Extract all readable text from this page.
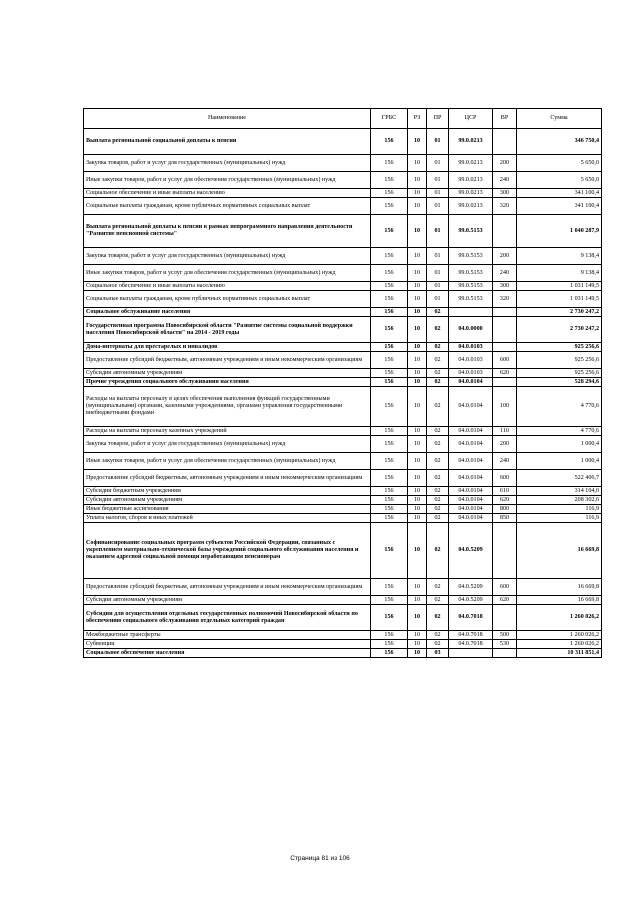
Наименование	ГРБС	РЗ	ПР	ЦСР	ВР	Сумма
Выплата региональной социальной доплаты к пенсии	156	10	01	99.0.0213		346 750,4
Закупка товаров, работ и услуг для государственных (муниципальных) нужд	156	10	01	99.0.0213	200	5 650,0
Иные закупки товаров, работ и услуг для обеспечения государственных (муниципальных) нужд	156	10	01	99.0.0213	240	5 650,0
Социальное обеспечение и иные выплаты населению	156	10	01	99.0.0213	300	341 100,4
Социальные выплаты гражданам, кроме публичных нормативных социальных выплат	156	10	01	99.0.0213	320	341 100,4
Выплата региональной доплаты к пенсии в рамках непрограммного направления деятельности "Развитие пенсионной системы"	156	10	01	99.0.5153		1 040 287,9
Закупка товаров, работ и услуг для государственных (муниципальных) нужд	156	10	01	99.0.5153	200	9 138,4
Иные закупки товаров, работ и услуг для обеспечения государственных (муниципальных) нужд	156	10	01	99.0.5153	240	9 138,4
Социальное обеспечение и иные выплаты населению	156	10	01	99.0.5153	300	1 031 149,5
Социальные выплаты гражданам, кроме публичных нормативных социальных выплат	156	10	01	99.0.5153	320	1 031 149,5
Социальное обслуживание населения	156	10	02			2 730 247,2
Государственная программа Новосибирской области "Развитие системы социальной поддержки населения Новосибирской области" на 2014 - 2019 годы	156	10	02	04.0.0000		2 730 247,2
Дома-интернаты для престарелых и инвалидов	156	10	02	04.0.0103		925 256,6
Предоставление субсидий бюджетным, автономным учреждениям и иным некоммерческим организациям	156	10	02	04.0.0103	600	925 256,6
Субсидии автономным учреждениям	156	10	02	04.0.0103	620	925 256,6
Прочие учреждения социального обслуживания населения	156	10	02	04.0.0104		528 294,6
Расходы на выплаты персоналу в целях обеспечения выполнения функций государственными (муниципальными) органами, казенными учреждениями, органами управления государственными внебюджетными фондами	156	10	02	04.0.0104	100	4 770,6
Расходы на выплаты персоналу казенных учреждений	156	10	02	04.0.0104	110	4 770,6
Закупка товаров, работ и услуг для государственных (муниципальных) нужд	156	10	02	04.0.0104	200	1 000,4
Иные закупки товаров, работ и услуг для обеспечения государственных (муниципальных) нужд	156	10	02	04.0.0104	240	1 000,4
Предоставление субсидий бюджетным, автономным учреждениям и иным некоммерческим организациям	156	10	02	04.0.0104	600	522 406,7
Субсидии бюджетным учреждениям	156	10	02	04.0.0104	610	314 104,0
Субсидии автономным учреждениям	156	10	02	04.0.0104	620	208 302,6
Иные бюджетные ассигнования	156	10	02	04.0.0104	800	116,9
Уплата налогов, сборов и иных платежей	156	10	02	04.0.0104	850	116,9
Софинансирование социальных программ субъектов Российской Федерации, связанных с укреплением материально-технической базы учреждений социального обслуживания населения и оказанием адресной социальной помощи неработающим пенсионерам	156	10	02	04.0.5209		16 669,8
Предоставление субсидий бюджетным, автономным учреждениям и иным некоммерческим организациям	156	10	02	04.0.5209	600	16 669,8
Субсидии автономным учреждениям	156	10	02	04.0.5209	620	16 669,8
Субсидии для осуществления отдельных государственных полномочий Новосибирской области по обеспечению социального обслуживания отдельных категорий граждан	156	10	02	04.0.7018		1 260 026,2
Межбюджетные трансферты	156	10	02	04.0.7018	500	1 260 026,2
Субвенции	156	10	02	04.0.7018	530	1 260 026,2
Социальное обеспечение населения	156	10	03			10 311 851,4
Страница 81 из 106
